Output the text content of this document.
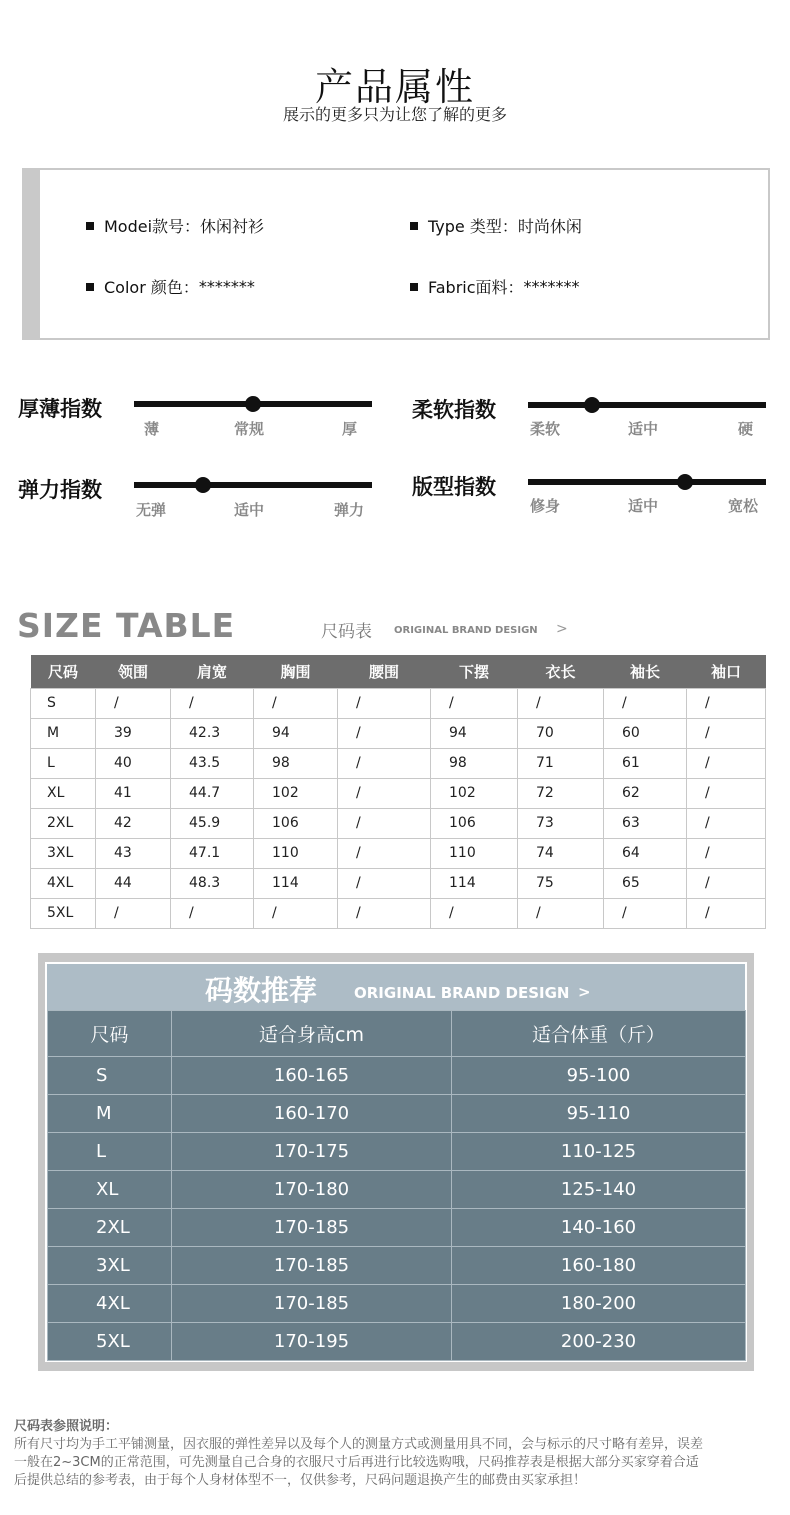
产品属性
展示的更多只为让您了解的更多
Modei款号： 休闲衬衫	Type 类型： 时尚休闲
Color 颜色： *******	Fabric面料： *******
厚薄指数
薄	常规	厚
柔软指数
柔软	适中	硬
弹力指数
无弹	适中	弹力
版型指数
修身	适中	宽松
SIZE TABLE	尺码表 ORIGINAL BRAND DESIGN >
尺码	领围	肩宽	胸围	腰围	下摆	衣长	袖长	袖口
S	/	/	/	/	/	/	/	/
M	39	42.3	94	/	94	70	60	/
L	40	43.5	98	/	98	71	61	/
XL	41	44.7	102	/	102	72	62	/
2XL	42	45.9	106	/	106	73	63	/
3XL	43	47.1	110	/	110	74	64	/
4XL	44	48.3	114	/	114	75	65	/
5XL	/	/	/	/	/	/	/	/
码数推荐 ORIGINAL BRAND DESIGN >
尺码	适合身高cm	适合体重（斤）
S	160-165	95-100
M	160-170	95-110
L	170-175	110-125
XL	170-180	125-140
2XL	170-185	140-160
3XL	170-185	160-180
4XL	170-185	180-200
5XL	170-195	200-230
尺码表参照说明：
所有尺寸均为手工平铺测量，因衣服的弹性差异以及每个人的测量方式或测量用具不同，会与标示的尺寸略有差异，误差
一般在2~3CM的正常范围，可先测量自己合身的衣服尺寸后再进行比较选购哦，尺码推荐表是根据大部分买家穿着合适
后提供总结的参考表，由于每个人身材体型不一，仅供参考，尺码问题退换产生的邮费由买家承担！
